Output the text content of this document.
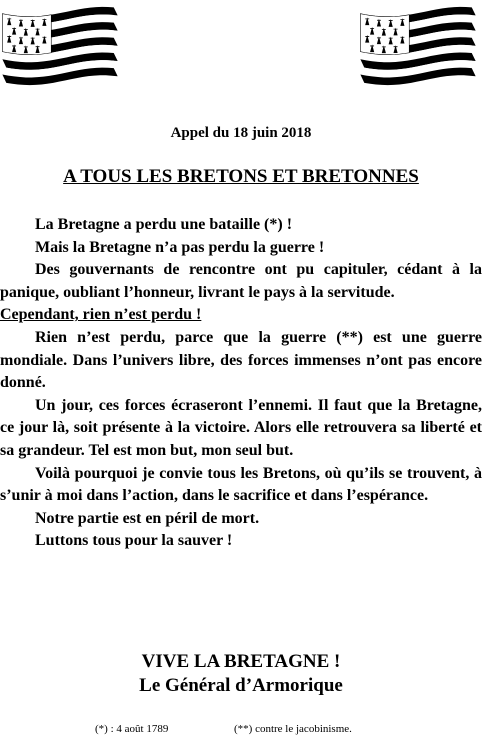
Appel du 18 juin 2018
A TOUS LES BRETONS ET BRETONNES

La Bretagne a perdu une bataille (*) !

Mais la Bretagne n’a pas perdu la guerre !

Des gouvernants de rencontre ont pu capituler, cédant à la panique, oubliant l’honneur, livrant le pays à la servitude.

Cependant, rien n’est perdu !

Rien n’est perdu, parce que la guerre (**) est une guerre mondiale. Dans l’univers libre, des forces immenses n’ont pas encore donné.

Un jour, ces forces écraseront l’ennemi. Il faut que la Bretagne, ce jour là, soit présente à la victoire. Alors elle retrouvera sa liberté et sa grandeur. Tel est mon but, mon seul but.

Voilà pourquoi je convie tous les Bretons, où qu’ils se trouvent, à s’unir à moi dans l’action, dans le sacrifice et dans l’espérance.

Notre partie est en péril de mort.

Luttons tous pour la sauver !

VIVE LA BRETAGNE !
Le Général d’Armorique
(*) : 4 août 1789	(**) contre le jacobinisme.
